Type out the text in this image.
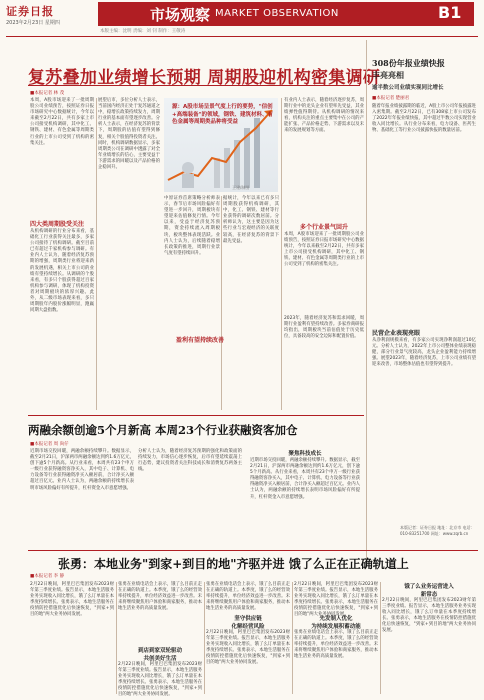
证券日报
2023年2月23日 星期四	市场观察 MARKET OBSERVATION	B1
本版主编：沈明 责编：刘 钊 制作：王敬涛
复苏叠加业绩增长预期 周期股迎机构密集调研
■本报记者 林 茂
本周，A股市场迎来了一批周期股公司业绩预告，按照证券日报市场研究中心数据统计，今年以来截至2月22日，共有多家上市公司接受机构调研，其中化工、钢铁、建材、有色金属等周期类行业的上市公司受到了机构的密集关注。
四大类周期股受关注
从机构调研的行业分布来看，基础化工行业获得关注最多，多家公司接待了机构调研。截至目前已有超过千家机构参与调研。有业内人士认为，随着经济复苏预期的增强，周期类行业将迎来新的发展机遇，相关上市公司的业绩有望持续增长。从调研的个股来看，有多只个股获得超过百家机构参与调研，体现了机构投资者对周期板块的浓厚兴趣。此外，从二级市场表现来看，多只周期股年内股价涨幅明显，跑赢同期大盘指数。
展望后市，多位分析人士表示，当前国内经济正处于复苏通道之中，稳增长政策持续发力，周期行业的基本面有望逐步改善。分析人士表示，在经济复苏的背景下，周期股的估值有望得到修复，相关个股值得投资者关注。同时，机构调研数据显示，多家周期类公司在调研中透露了对全年业绩增长的信心，主要受益于下游需求的回暖以及产品价格的企稳回升。
源：A股市场呈景气度上行的要势，"信创+高端装备"的领域，钢铁、建筑材料、有色金属等周期类品种将受益
王建/制图
中原证券首席策略分析师表示，春节后市场风险偏好有望进一步回升，周期板块有望迎来估值修复行情。今年以来，受益于经济复苏预期，资金持续流入周期板块，板块整体表现活跃。业内人士认为，后续随着稳增长政策的推进，周期行业景气度有望持续回升。
据统计，今年以来已有多只周期股获得机构调研，其中，化工、钢铁、建材等行业获得的调研次数居前。分析师认为，这主要是因为这些行业与宏观经济的关联度较高，在经济复苏的背景下最先受益。
有业内人士表示，随着经济逐步复苏，周期行业中的龙头企业有望率先受益，其业绩弹性值得期待。从机构调研的情况来看，机构关注的重点主要集中在公司的产能扩张、产品价格走势、下游需求以及未来的发展规划等方面。
多个行业景气回升
本周，A股市场迎来了一批周期股公司业绩预告，按照证券日报市场研究中心数据统计，今年以来截至2月22日，共有多家上市公司接受机构调研，其中化工、钢铁、建材、有色金属等周期类行业的上市公司受到了机构的密集关注。
盈利有望持续改善
2023年，随着经济复苏和需求回暖，周期行业盈利有望持续改善。多家券商研报均指出，周期板块当前估值处于历史低位，具备较高的安全边际和配置价值。
308份年报业绩快报
丰亮亮相
逾半数公司业绩实现同比增长
■本报记者 楚丽君
随着年报业绩披露期的临近，A股上市公司年报披露进入密集期。截至2月22日，已有308家上市公司发布了2022年年报业绩快报，其中超过半数公司实现营业收入同比增长。从行业分布来看，电力设备、医药生物、基础化工等行业公司披露快报的数量居前。
民营企业表现亮眼
从净利润规模来看，有多家公司实现净利润超过10亿元。分析人士认为，2022年上市公司整体业绩表现稳健，部分行业景气度较高，龙头企业盈利能力持续增强。展望2023年，随着经济复苏，上市公司业绩有望迎来改善，市场整体估值也有望得到提升。
本版记者：证券日报 地址：北京市 电话：010-83251700 网址：www.zqrb.cn
两融余额创逾5个月新高 本周23个行业获融资客加仓
■本报记者 周 尚仔
近期市场交投回暖，两融余额持续攀升。数据显示，截至2月21日，沪深两市两融余额达到约1.6万亿元，创下逾5个月新高。从行业来看，本周共有23个申万一级行业获得融资客净买入，其中电子、计算机、电力设备等行业获得融资净买入额居前，合计净买入额超过百亿元。业内人士认为，两融余额的持续增长表明市场风险偏好有所提升，杠杆资金入市意愿增强。
分析人士认为，随着经济复苏预期的强化和政策面的持续发力，市场信心逐步恢复，后市有望延续震荡上行态势，建议投资者关注科技成长和消费复苏两条主线。
聚焦科技成长
近期市场交投回暖，两融余额持续攀升。数据显示，截至2月21日，沪深两市两融余额达到约1.6万亿元，创下逾5个月新高。从行业来看，本周共有23个申万一级行业获得融资客净买入，其中电子、计算机、电力设备等行业获得融资净买入额居前，合计净买入额超过百亿元。业内人士认为，两融余额的持续增长表明市场风险偏好有所提升，杠杆资金入市意愿增强。
张勇：本地业务"到家+到目的地"齐驱并进 饿了么正在正确轨道上
■本报记者 李 静
2月22日晚间，阿里巴巴集团发布2023财年第三季度业绩。报告显示，本地生活服务业务实现收入同比增长，饿了么订单量在本季度持续增长。张勇表示，本地生活服务在疫情防控措施优化后快速恢复，"到家+到目的地"两大业务协同发展。
张勇在业绩电话会上表示，饿了么目前正走在正确的轨道上。本季度，饿了么的经营效率持续提升，单位经济效益进一步改善。未来将继续聚焦用户体验和商家服务，推动本地生活业务的高质量发展。
到店到家双轮驱动
共创美好生活
2月22日晚间，阿里巴巴集团发布2023财年第三季度业绩。报告显示，本地生活服务业务实现收入同比增长，饿了么订单量在本季度持续增长。张勇表示，本地生活服务在疫情防控措施优化后快速恢复，"到家+到目的地"两大业务协同发展。
张勇在业绩电话会上表示，饿了么目前正走在正确的轨道上。本季度，饿了么的经营效率持续提升，单位经济效益进一步改善。未来将继续聚焦用户体验和商家服务，推动本地生活业务的高质量发展。
坚守供应链
化解经营风险
2月22日晚间，阿里巴巴集团发布2023财年第三季度业绩。报告显示，本地生活服务业务实现收入同比增长，饿了么订单量在本季度持续增长。张勇表示，本地生活服务在疫情防控措施优化后快速恢复，"到家+到目的地"两大业务协同发展。
2月22日晚间，阿里巴巴集团发布2023财年第三季度业绩。报告显示，本地生活服务业务实现收入同比增长，饿了么订单量在本季度持续增长。张勇表示，本地生活服务在疫情防控措施优化后快速恢复，"到家+到目的地"两大业务协同发展。
先发制人优化
为持续发展积蓄动能
张勇在业绩电话会上表示，饿了么目前正走在正确的轨道上。本季度，饿了么的经营效率持续提升，单位经济效益进一步改善。未来将继续聚焦用户体验和商家服务，推动本地生活业务的高质量发展。
饿了么业务运营进入
新常态
2月22日晚间，阿里巴巴集团发布2023财年第三季度业绩。报告显示，本地生活服务业务实现收入同比增长，饿了么订单量在本季度持续增长。张勇表示，本地生活服务在疫情防控措施优化后快速恢复，"到家+到目的地"两大业务协同发展。
